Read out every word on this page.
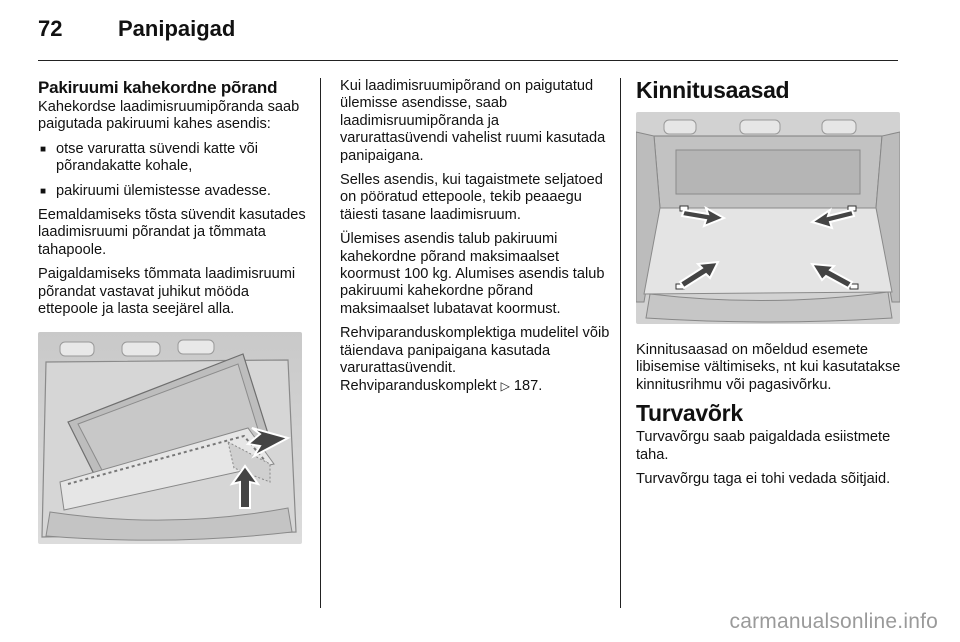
72	Panipaigad
Pakiruumi kahekordne põrand

Kahekordse laadimisruumipõranda saab paigutada pakiruumi kahes asendis:

■ otse varuratta süvendi katte või põrandakatte kohale,
■ pakiruumi ülemistesse avadesse.

Eemaldamiseks tõsta süvendit kasutades laadimisruumi põrandat ja tõmmata tahapoole.

Paigaldamiseks tõmmata laadimisruumi põrandat vastavat juhikut mööda ettepoole ja lasta seejärel alla.

Kui laadimisruumipõrand on paigutatud ülemisse asendisse, saab laadimisruumipõranda ja varurattasüvendi vahelist ruumi kasutada panipaigana.

Selles asendis, kui tagaistmete seljatoed on pööratud ettepoole, tekib peaaegu täiesti tasane laadimisruum.

Ülemises asendis talub pakiruumi kahekordne põrand maksimaalset koormust 100 kg. Alumises asendis talub pakiruumi kahekordne põrand maksimaalset lubatavat koormust.

Rehviparanduskomplektiga mudelitel võib täiendava panipaigana kasutada varurattasüvendit.

Rehviparanduskomplekt ▷ 187.

Kinnitusaasad

Kinnitusaasad on mõeldud esemete libisemise vältimiseks, nt kui kasutatakse kinnitusrihmu või pagasivõrku.

Turvavõrk

Turvavõrgu saab paigaldada esiistmete taha.

Turvavõrgu taga ei tohi vedada sõitjaid.

carmanualsonline.info
